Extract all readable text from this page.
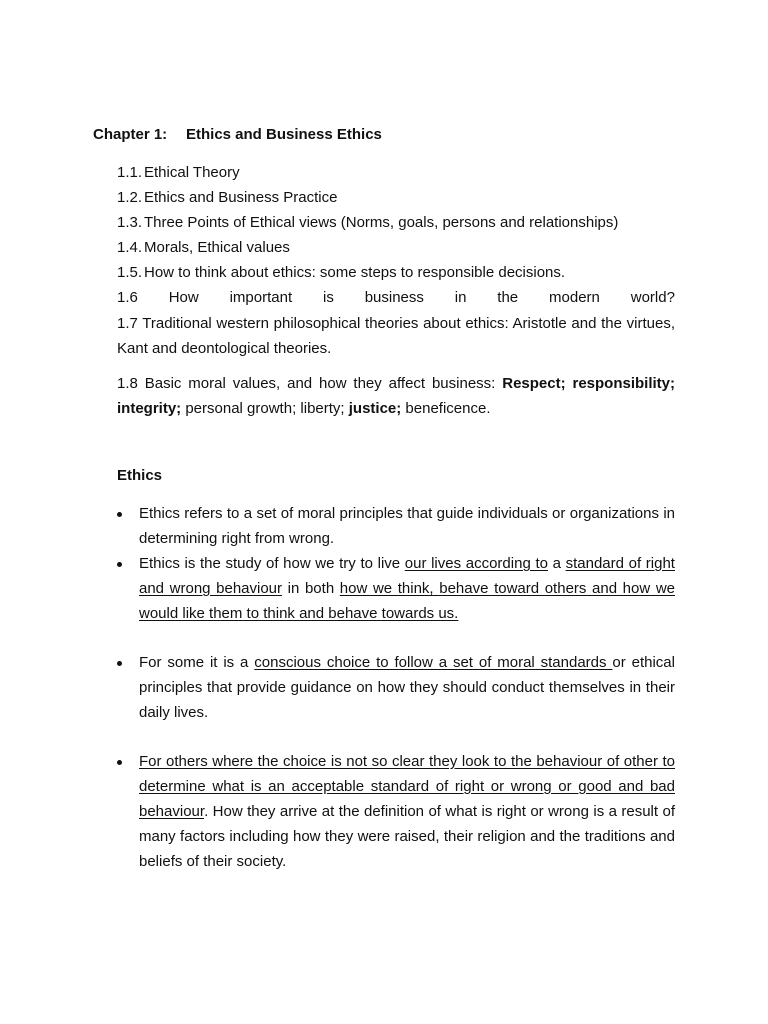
Chapter 1: Ethics and Business Ethics
1.1. Ethical Theory
1.2. Ethics and Business Practice
1.3. Three Points of Ethical views (Norms, goals, persons and relationships)
1.4. Morals, Ethical values
1.5. How to think about ethics: some steps to responsible decisions.
1.6 How important is business in the modern world?

1.7 Traditional western philosophical theories about ethics: Aristotle and the virtues, Kant and deontological theories.

1.8 Basic moral values, and how they affect business: Respect; responsibility; integrity; personal growth; liberty; justice; beneficence.

Ethics
Ethics refers to a set of moral principles that guide individuals or organizations in determining right from wrong.
Ethics is the study of how we try to live our lives according to a standard of right and wrong behaviour in both how we think, behave toward others and how we would like them to think and behave towards us.
For some it is a conscious choice to follow a set of moral standards or ethical principles that provide guidance on how they should conduct themselves in their daily lives.
For others where the choice is not so clear they look to the behaviour of other to determine what is an acceptable standard of right or wrong or good and bad behaviour. How they arrive at the definition of what is right or wrong is a result of many factors including how they were raised, their religion and the traditions and beliefs of their society.
